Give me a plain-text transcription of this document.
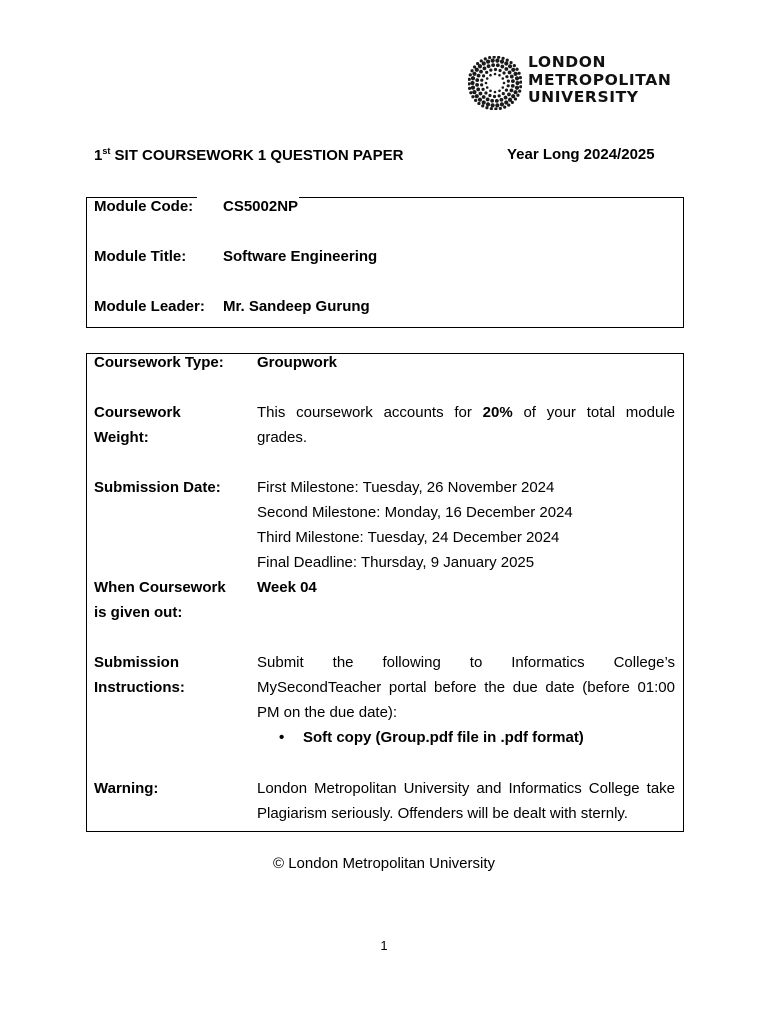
LONDON
METROPOLITAN
UNIVERSITY
1st SIT COURSEWORK 1 QUESTION PAPER	Year Long 2024/2025
Module Code: CS5002NP
Module Title: Software Engineering
Module Leader: Mr. Sandeep Gurung
Coursework Type:	Groupwork
Coursework
Weight:
This coursework accounts for 20% of your total module
grades.
Submission Date:	First Milestone: Tuesday, 26 November 2024
Second Milestone: Monday, 16 December 2024
Third Milestone: Tuesday, 24 December 2024
Final Deadline: Thursday, 9 January 2025
When Coursework
is given out:
Week 04
Submission
Instructions:
Submit the following to Informatics College’s
MySecondTeacher portal before the due date (before 01:00
PM on the due date):
• Soft copy (Group.pdf file in .pdf format)
Warning:	London Metropolitan University and Informatics College take
Plagiarism seriously. Offenders will be dealt with sternly.
© London Metropolitan University
1
